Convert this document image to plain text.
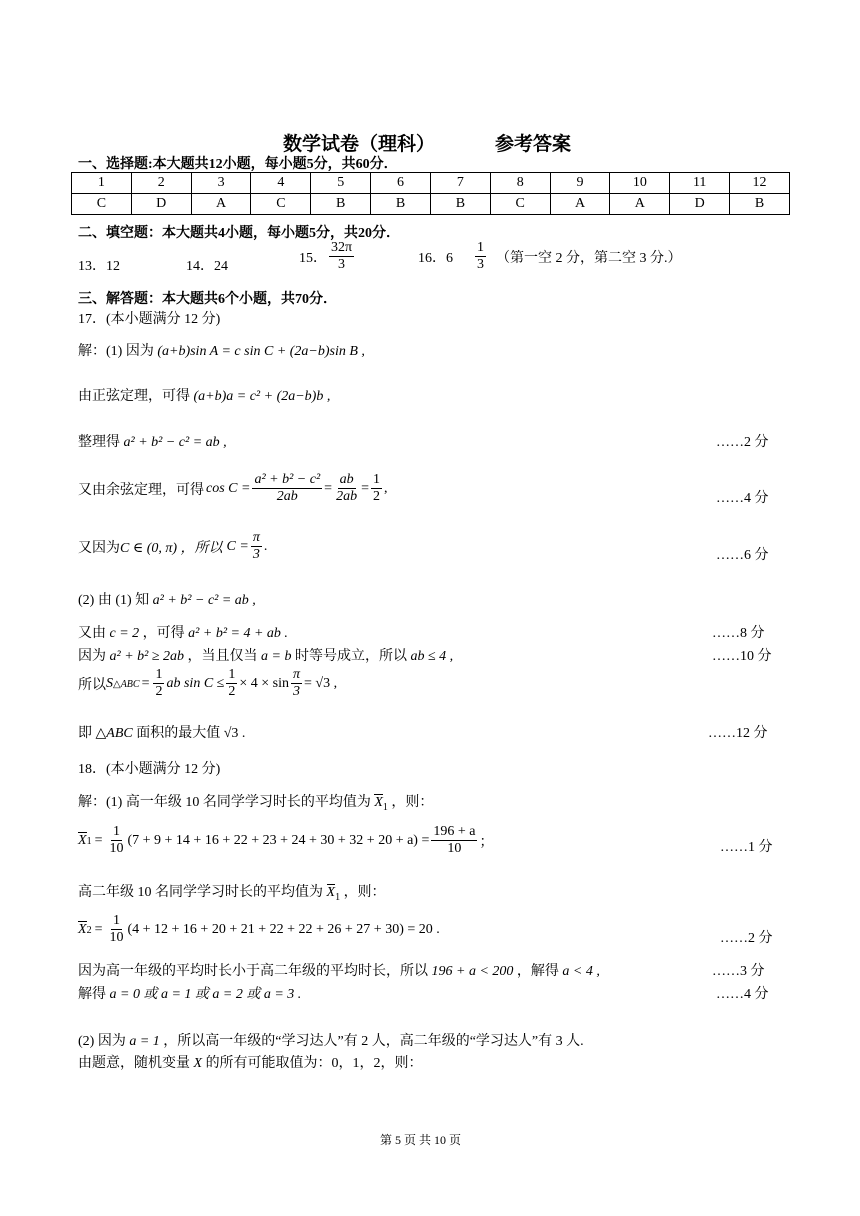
数学试卷（理科）	参考答案
一、选择题:本大题共12小题，每小题5分，共60分．
1	2	3	4	5	6	7	8	9	10	11	12
C	D	A	C	B	B	B	C	A	A	D	B
二、填空题：本大题共4小题，每小题5分，共20分．
13．12	14．24
15． $\frac{32\pi}{3}$	16．$6 \frac{1}{3}$ （第一空 2 分，第二空 3 分.）
三、解答题：本大题共6个小题，共70分．
17．(本小题满分 12 分)
解：(1) 因为 (a+b)sin A = c sin C + (2a−b)sin B ,
由正弦定理，可得 (a+b)a = c² + (2a−b)b ,
整理得 a² + b² − c² = ab ,	……2 分
又由余弦定理，可得 $\cos C = \frac{\text{a² + b² − c²}}{2ab} = \frac{ab}{2ab} = \frac{1}{2}$ ,
……4 分
又因为 C ∈ (0, π) ，所以 $C = \frac{\pi}{3}$ .
……6 分
(2) 由 (1) 知 a² + b² − c² = ab ,
又由 c = 2 ，可得 a² + b² = 4 + ab .	……8 分
因为 a² + b² ≥ 2ab ，当且仅当 a = b 时等号成立，所以 ab ≤ 4 ,	……10 分
所以 S △ABC = $\frac{1}{2}$ ab $\sin C \le \frac{1}{2} \times 4 \times \sin \frac{\pi}{3} = √3$ ,
即 △ABC 面积的最大值 √3 .	……12 分
18．(本小题满分 12 分)
解：(1) 高一年级 10 名同学学习时长的平均值为 $X_1$ ，则：
X $1 = \frac{1}{10} (7 + 9 + 14 + 16 + 22 + 23 + 24 + 30 + 32 + 20 + a) = \frac{196 + a}{10}$ ；	……1 分
高二年级 10 名同学学习时长的平均值为 $X_1$ ，则：
X $2 = \frac{1}{10} (4 + 12 + 16 + 20 + 21 + 22 + 22 + 26 + 27 + 30) = 20$ .
……2 分
因为高一年级的平均时长小于高二年级的平均时长，所以 196 + a < 200 ，解得 a < 4 ,	……3 分
解得 a = 0 或 a = 1 或 a = 2 或 a = 3 .	……4 分
(2) 因为 a = 1 ，所以高一年级的“学习达人”有 2 人，高二年级的“学习达人”有 3 人.
由题意，随机变量 X 的所有可能取值为：0，1，2，则：
第 5 页 共 10 页
